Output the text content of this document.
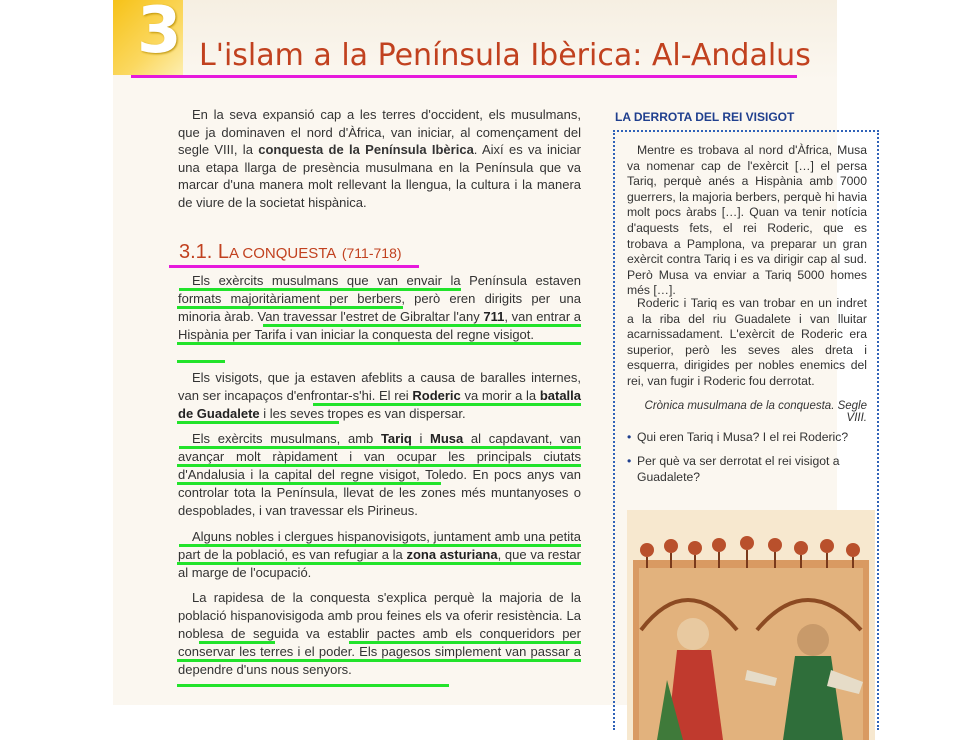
3 L'islam a la Península Ibèrica: Al-Andalus

En la seva expansió cap a les terres d'occident, els musulmans, que ja dominaven el nord d'Àfrica, van iniciar, al començament del segle VIII, la conquesta de la Península Ibèrica. Així es va iniciar una etapa llarga de presència musulmana en la Península que va marcar d'una manera molt rellevant la llengua, la cultura i la manera de viure de la societat hispànica.

3.1. LA CONQUESTA (711-718)

Els exèrcits musulmans que van envair la Península estaven formats majoritàriament per berbers, però eren dirigits per una minoria àrab. Van travessar l'estret de Gibraltar l'any 711, van entrar a Hispània per Tarifa i van iniciar la conquesta del regne visigot.

Els visigots, que ja estaven afeblits a causa de baralles internes, van ser incapaços d'enfrontar-s'hi. El rei Roderic va morir a la batalla de Guadalete i les seves tropes es van dispersar.

Els exèrcits musulmans, amb Tariq i Musa al capdavant, van avançar molt ràpidament i van ocupar les principals ciutats d'Andalusia i la capital del regne visigot, Toledo. En pocs anys van controlar tota la Península, llevat de les zones més muntanyoses o despoblades, i van travessar els Pirineus.

Alguns nobles i clergues hispanovisigots, juntament amb una petita part de la població, es van refugiar a la zona asturiana, que va restar al marge de l'ocupació.

La rapidesa de la conquesta s'explica perquè la majoria de la població hispanovisigoda amb prou feines els va oferir resistència. La noblesa de seguida va establir pactes amb els conqueridors per conservar les terres i el poder. Els pagesos simplement van passar a dependre d'uns nous senyors.

LA DERROTA DEL REI VISIGOT

Mentre es trobava al nord d'Àfrica, Musa va nomenar cap de l'exèrcit […] el persa Tariq, perquè anés a Hispània amb 7000 guerrers, la majoria berbers, perquè hi havia molt pocs àrabs […]. Quan va tenir notícia d'aquests fets, el rei Roderic, que es trobava a Pamplona, va preparar un gran exèrcit contra Tariq i es va dirigir cap al sud. Però Musa va enviar a Tariq 5000 homes més […].

Roderic i Tariq es van trobar en un indret a la riba del riu Guadalete i van lluitar acarnissadament. L'exèrcit de Roderic era superior, però les seves ales dreta i esquerra, dirigides per nobles enemics del rei, van fugir i Roderic fou derrotat.

Crònica musulmana de la conquesta. Segle VIII.

• Qui eren Tariq i Musa? I el rei Roderic?

• Per què va ser derrotat el rei visigot a Guadalete?
